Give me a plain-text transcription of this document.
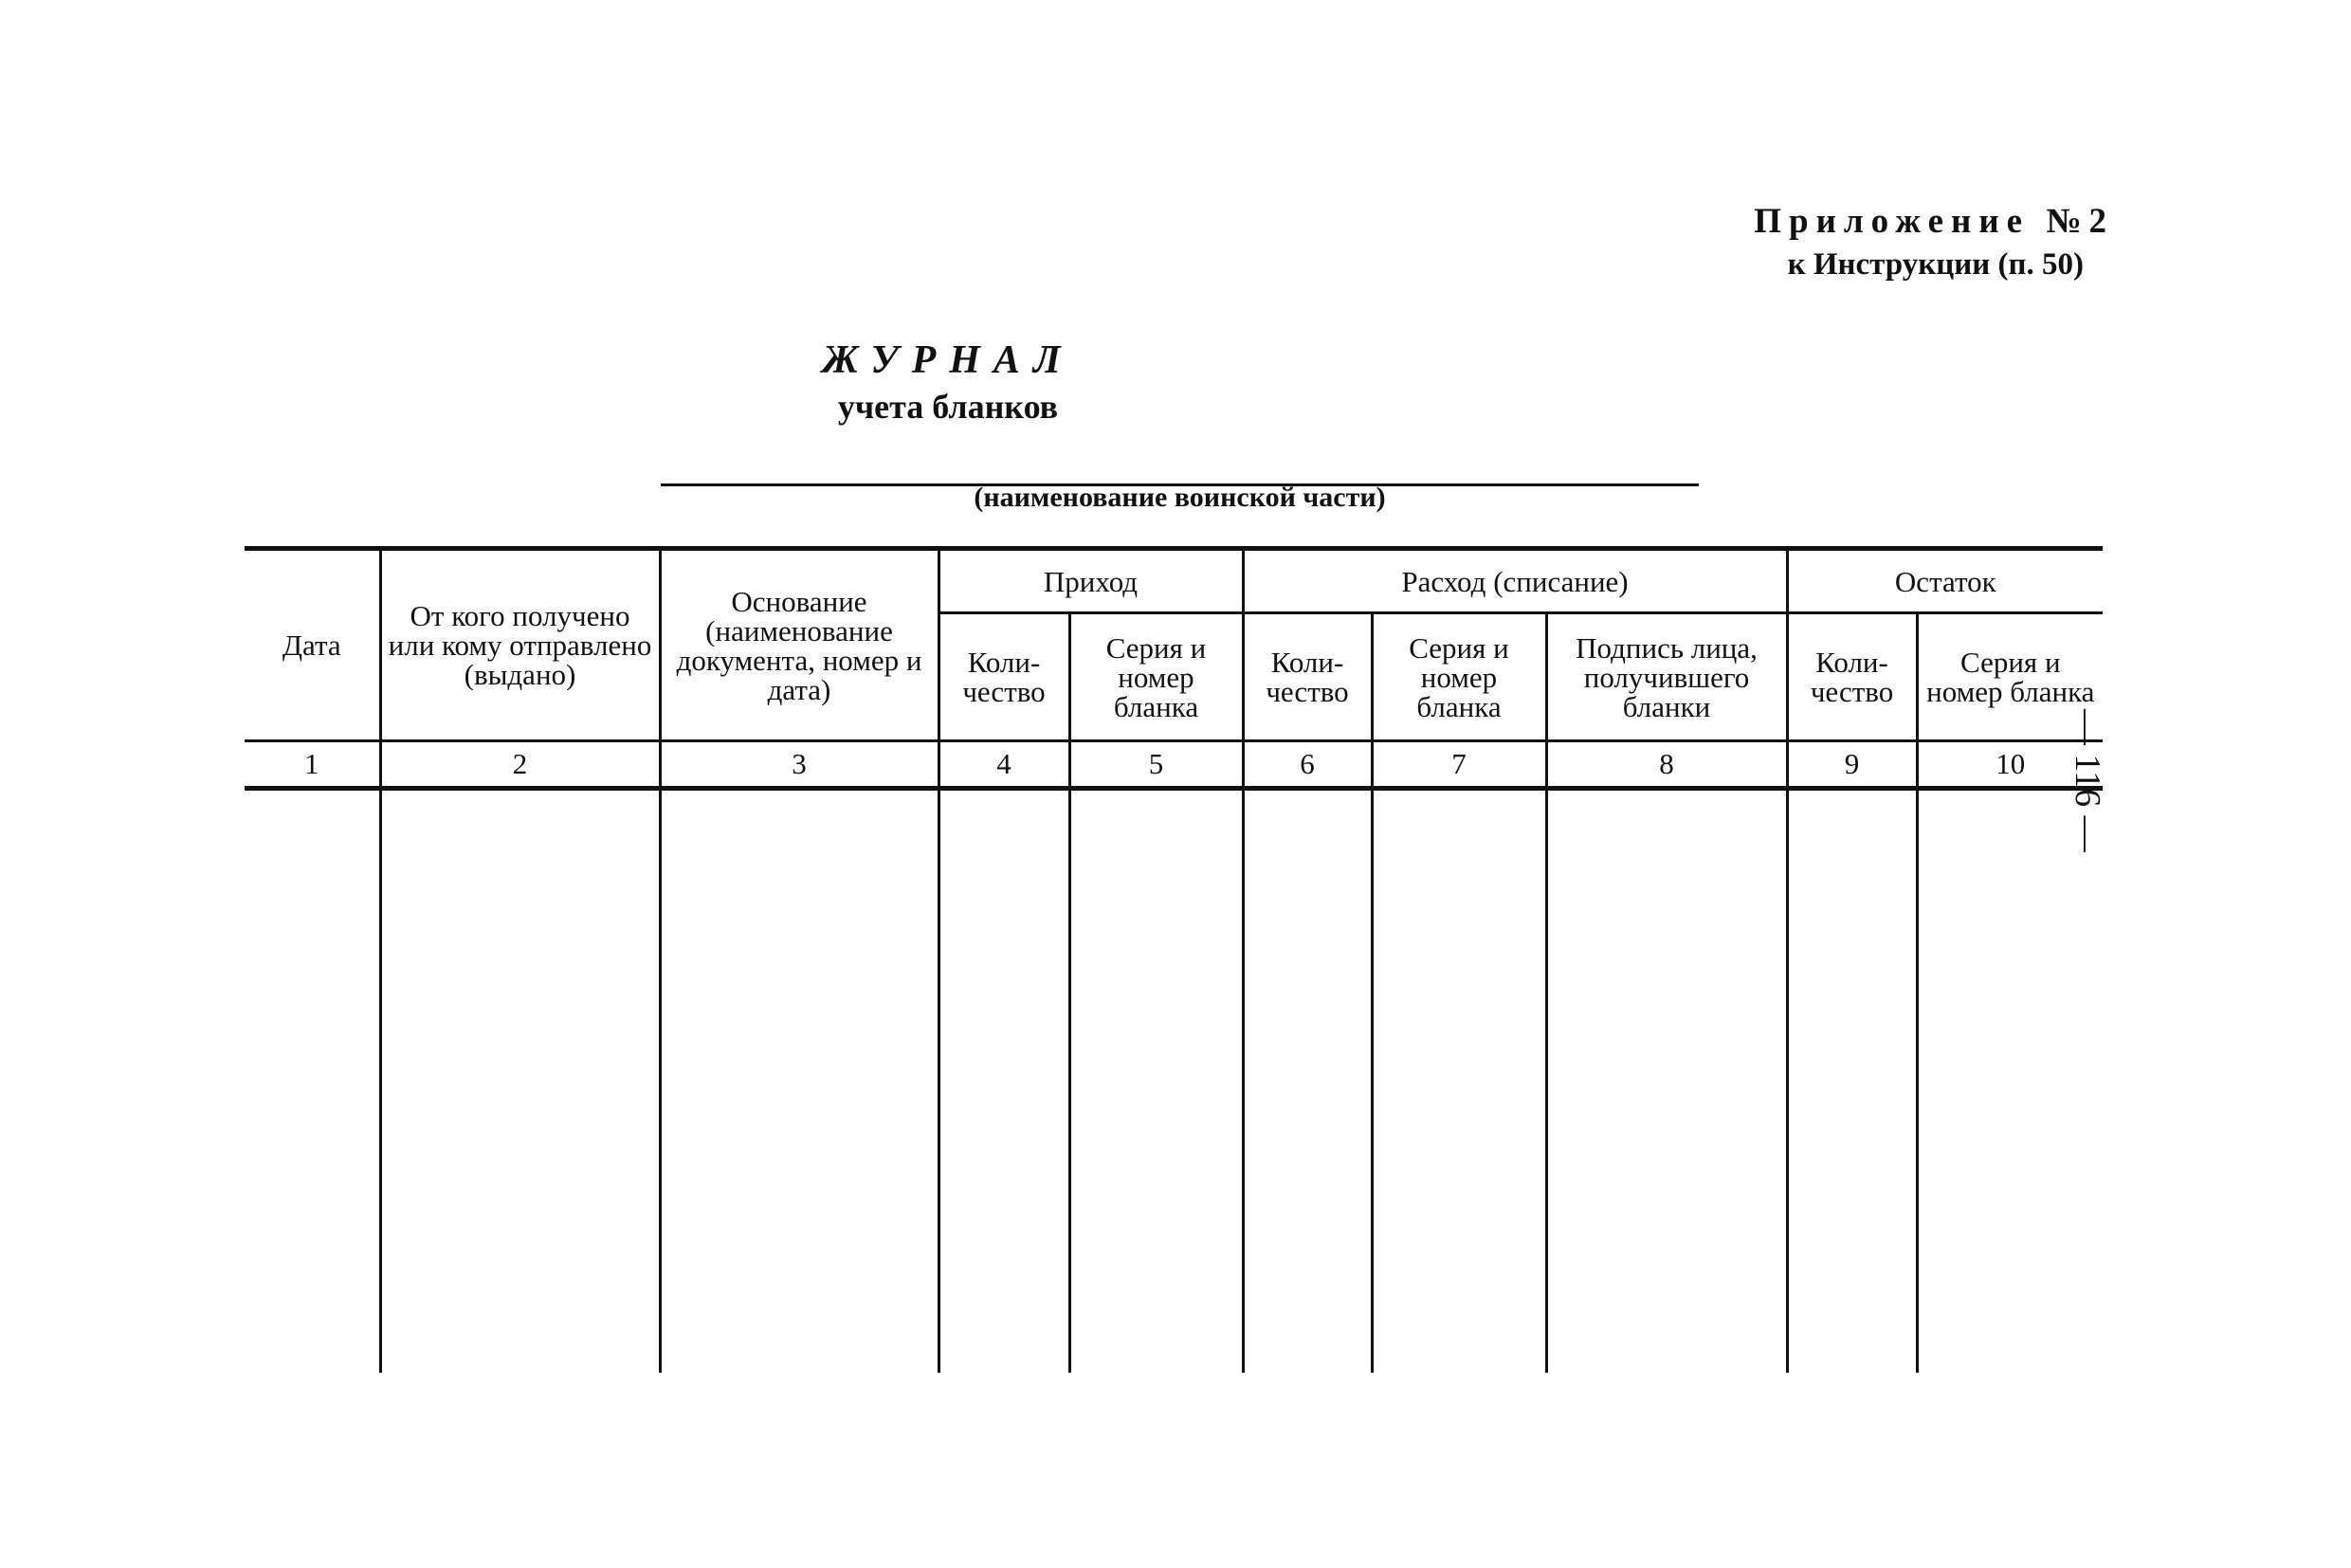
Приложение №2
к Инструкции (п. 50)
ЖУРНАЛ
учета бланков
(наименование воинской части)
Дата	От кого получено или кому отправлено (выдано)	Основание (наименование документа, номер и дата)	Приход		Расход (списание)			Остаток	
			Коли-чество	Серия и номер бланка	Коли-чество	Серия и номер бланка	Подпись лица, получившего бланки	Коли-чество	Серия и номер бланка
1	2	3	4	5	6	7	8	9	10
									— 116 —
